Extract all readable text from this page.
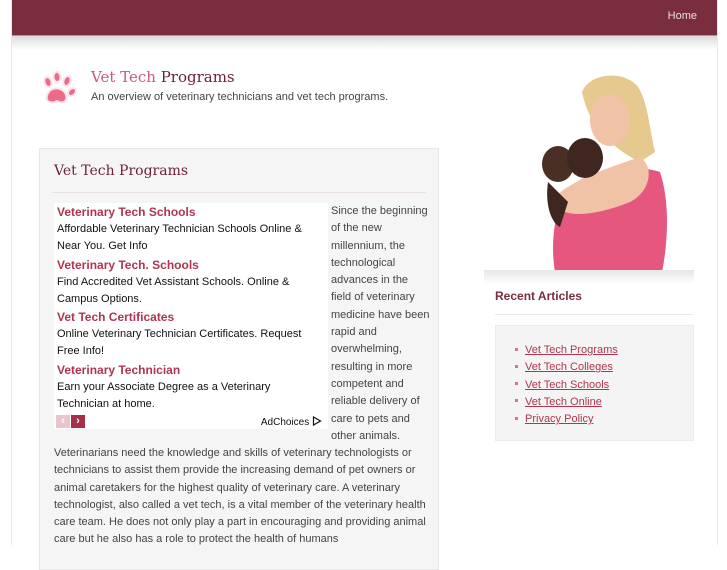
Home
Vet Tech Programs
An overview of veterinary technicians and vet tech programs.
Vet Tech Programs
Veterinary Tech Schools
Affordable Veterinary Technician Schools Online & Near You. Get Info
Veterinary Tech. Schools
Find Accredited Vet Assistant Schools. Online & Campus Options.
Vet Tech Certificates
Online Veterinary Technician Certificates. Request Free Info!
Veterinary Technician
Earn your Associate Degree as a Veterinary Technician at home.
‹ ›	AdChoices
Since the beginning of the new millennium, the technological advances in the field of veterinary medicine have been rapid and overwhelming, resulting in more competent and reliable delivery of care to pets and other animals.
Veterinarians need the knowledge and skills of veterinary technologists or technicians to assist them provide the increasing demand of pet owners or animal caretakers for the highest quality of veterinary care. A veterinary technologist, also called a vet tech, is a vital member of the veterinary health care team. He does not only play a part in encouraging and providing animal care but he also has a role to protect the health of humans
Recent Articles
Vet Tech Programs
Vet Tech Colleges
Vet Tech Schools
Vet Tech Online
Privacy Policy
